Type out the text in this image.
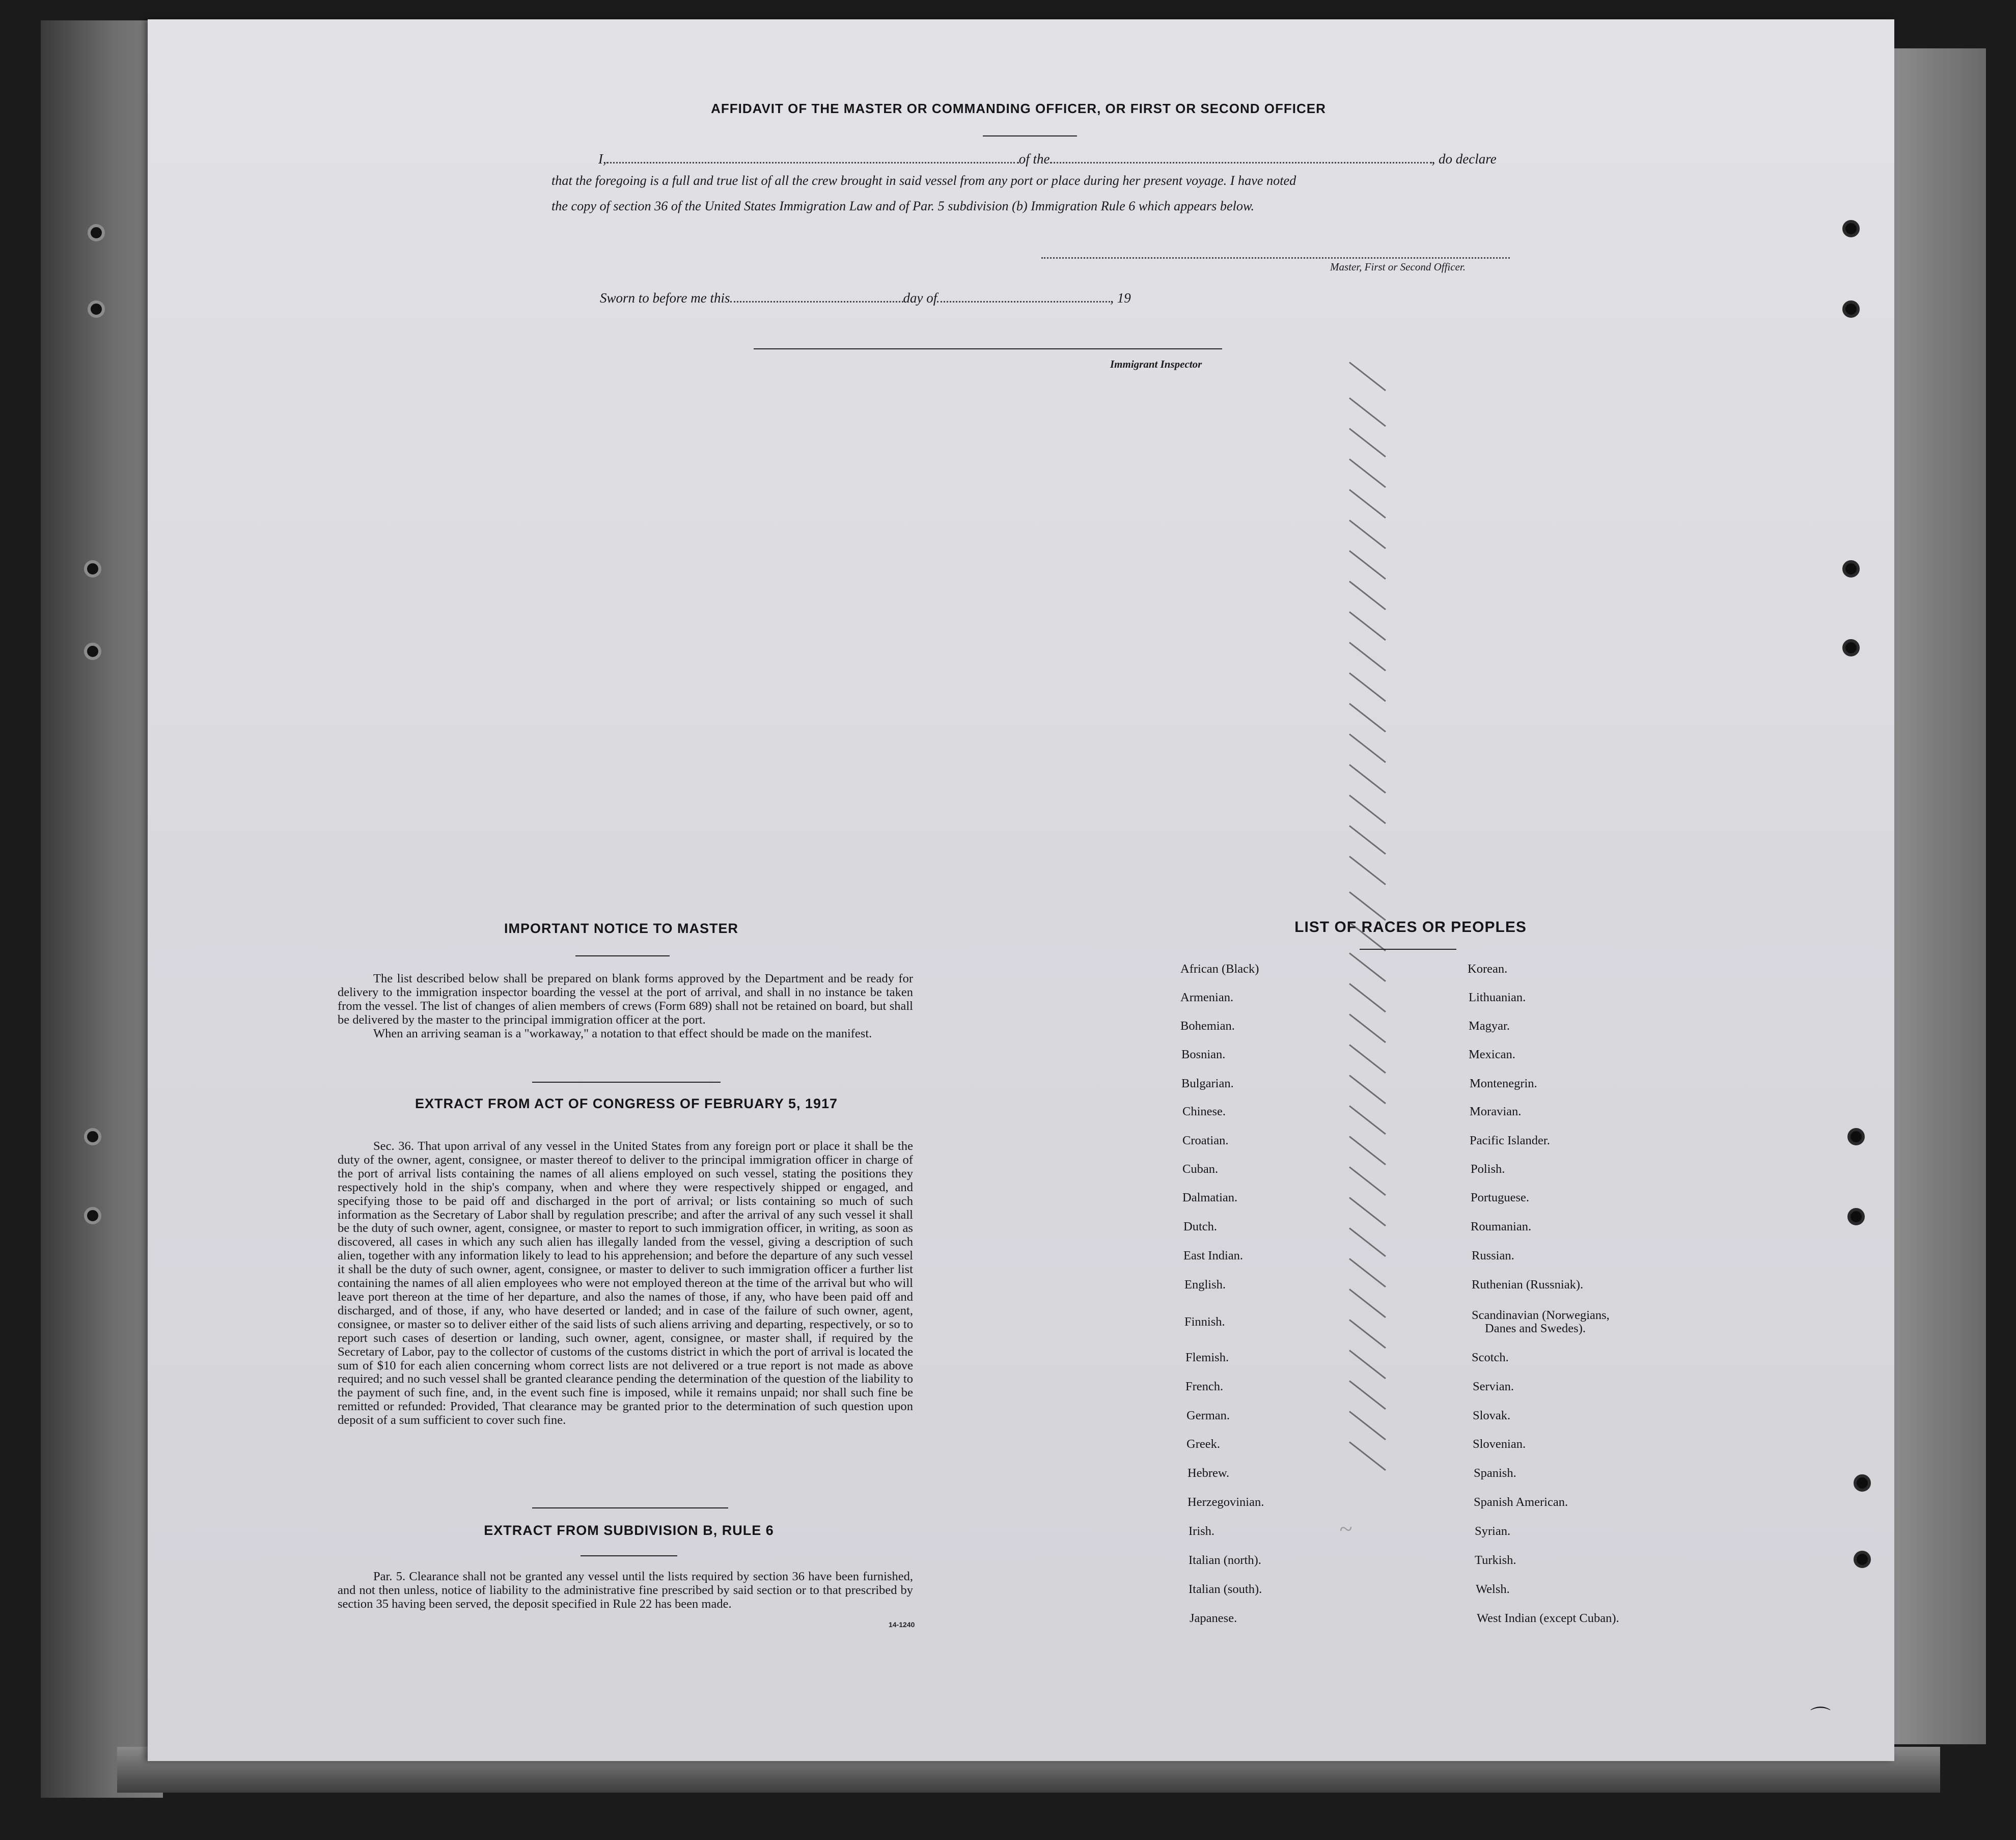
AFFIDAVIT OF THE MASTER OR COMMANDING OFFICER, OR FIRST OR SECOND OFFICER
I,	of the	, do declare
that the foregoing is a full and true list of all the crew brought in said vessel from any port or place during her present voyage. I have noted
the copy of section 36 of the United States Immigration Law and of Par. 5 subdivision (b) Immigration Rule 6 which appears below.
Master, First or Second Officer.
Sworn to before me this	day of	, 19
Immigrant Inspector
IMPORTANT NOTICE TO MASTER

The list described below shall be prepared on blank forms approved by the Department and be ready for delivery to the immigration inspector boarding the vessel at the port of arrival, and shall in no instance be taken from the vessel. The list of changes of alien members of crews (Form 689) shall not be retained on board, but shall be delivered by the master to the principal immigration officer at the port.

When an arriving seaman is a "workaway," a notation to that effect should be made on the manifest.

EXTRACT FROM ACT OF CONGRESS OF FEBRUARY 5, 1917

Sec. 36. That upon arrival of any vessel in the United States from any foreign port or place it shall be the duty of the owner, agent, consignee, or master thereof to deliver to the principal immigration officer in charge of the port of arrival lists containing the names of all aliens employed on such vessel, stating the positions they respectively hold in the ship's company, when and where they were respectively shipped or engaged, and specifying those to be paid off and discharged in the port of arrival; or lists containing so much of such information as the Secretary of Labor shall by regulation prescribe; and after the arrival of any such vessel it shall be the duty of such owner, agent, consignee, or master to report to such immigration officer, in writing, as soon as discovered, all cases in which any such alien has illegally landed from the vessel, giving a description of such alien, together with any information likely to lead to his apprehension; and before the departure of any such vessel it shall be the duty of such owner, agent, consignee, or master to deliver to such immigration officer a further list containing the names of all alien employees who were not employed thereon at the time of the arrival but who will leave port thereon at the time of her departure, and also the names of those, if any, who have been paid off and discharged, and of those, if any, who have deserted or landed; and in case of the failure of such owner, agent, consignee, or master so to deliver either of the said lists of such aliens arriving and departing, respectively, or so to report such cases of desertion or landing, such owner, agent, consignee, or master shall, if required by the Secretary of Labor, pay to the collector of customs of the customs district in which the port of arrival is located the sum of $10 for each alien concerning whom correct lists are not delivered or a true report is not made as above required; and no such vessel shall be granted clearance pending the determination of the question of the liability to the payment of such fine, and, in the event such fine is imposed, while it remains unpaid; nor shall such fine be remitted or refunded: Provided, That clearance may be granted prior to the determination of such question upon deposit of a sum sufficient to cover such fine.

EXTRACT FROM SUBDIVISION B, RULE 6

Par. 5. Clearance shall not be granted any vessel until the lists required by section 36 have been furnished, and not then unless, notice of liability to the administrative fine prescribed by said section or to that prescribed by section 35 having been served, the deposit specified in Rule 22 has been made.

14-1240
LIST OF RACES OR PEOPLES
African (Black)
Armenian.
Bohemian.
Bosnian.
Bulgarian.
Chinese.
Croatian.
Cuban.
Dalmatian.
Dutch.
East Indian.
English.
Finnish.
Flemish.
French.
German.
Greek.
Hebrew.
Herzegovinian.
Irish.
Italian (north).
Italian (south).
Japanese.
Korean.
Lithuanian.
Magyar.
Mexican.
Montenegrin.
Moravian.
Pacific Islander.
Polish.
Portuguese.
Roumanian.
Russian.
Ruthenian (Russniak).
Scandinavian (Norwegians,
Danes and Swedes).
Scotch.
Servian.
Slovak.
Slovenian.
Spanish.
Spanish American.
Syrian.
Turkish.
Welsh.
West Indian (except Cuban).
~
⌒
